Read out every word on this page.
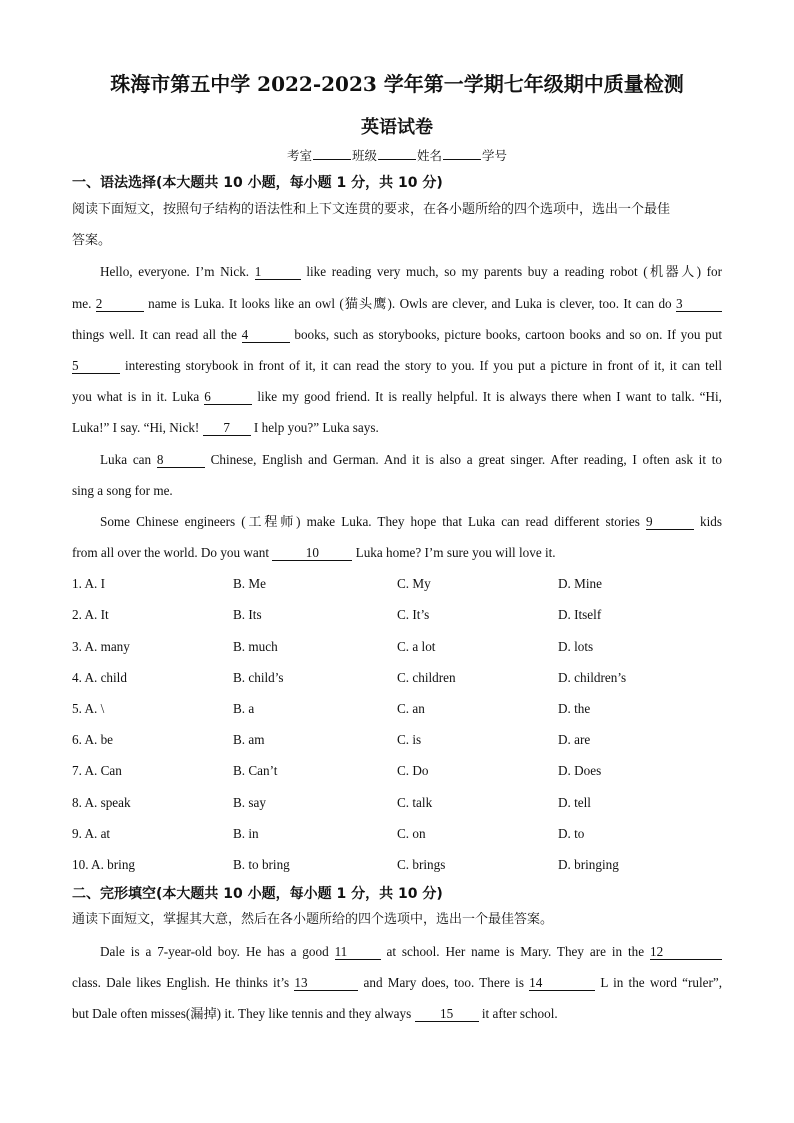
珠海市第五中学 2022-2023 学年第一学期七年级期中质量检测
英语试卷
考室	班级	姓名	学号
一、语法选择(本大题共 10 小题，每小题 1 分，共 10 分)
阅读下面短文，按照句子结构的语法性和上下文连贯的要求，在各小题所给的四个选项中，选出一个最佳
答案。
Hello, everyone. I’m Nick. 1	like reading very much, so my parents buy a reading robot (机器人) for
me. 2	name is Luka. It looks like an owl (猫头鹰). Owls are clever, and Luka is clever, too. It can do 3
things well. It can read all the 4	books, such as storybooks, picture books, cartoon books and so on. If you put
5	interesting storybook in front of it, it can read the story to you. If you put a picture in front of it, it can tell
you what is in it. Luka 6	like my good friend. It is really helpful. It is always there when I want to talk. “Hi,
Luka!” I say. “Hi, Nick! 7 I help you?” Luka says.
Luka can 8	Chinese, English and German. And it is also a great singer. After reading, I often ask it to
sing a song for me.
Some Chinese engineers (工程师) make Luka. They hope that Luka can read different stories 9	kids
from all over the world. Do you want	10	Luka home? I’m sure you will love it.
1. A. I	B. Me	C. My	D. Mine
2. A. It	B. Its	C. It’s	D. Itself
3. A. many	B. much	C. a lot	D. lots
4. A. child	B. child’s	C. children	D. children’s
5. A. \	B. a	C. an	D. the
6. A. be	B. am	C. is	D. are
7. A. Can	B. Can’t	C. Do	D. Does
8. A. speak	B. say	C. talk	D. tell
9. A. at	B. in	C. on	D. to
10. A. bring	B. to bring	C. brings	D. bringing
二、完形填空(本大题共 10 小题，每小题 1 分，共 10 分)
通读下面短文，掌握其大意，然后在各小题所给的四个选项中，选出一个最佳答案。
Dale is a 7-year-old boy. He has a good 11	at school. Her name is Mary. They are in the 12
class. Dale likes English. He thinks it’s 13	and Mary does, too. There is 14	L in the word “ruler”,
but Dale often misses(漏掉) it. They like tennis and they always 15 it after school.
